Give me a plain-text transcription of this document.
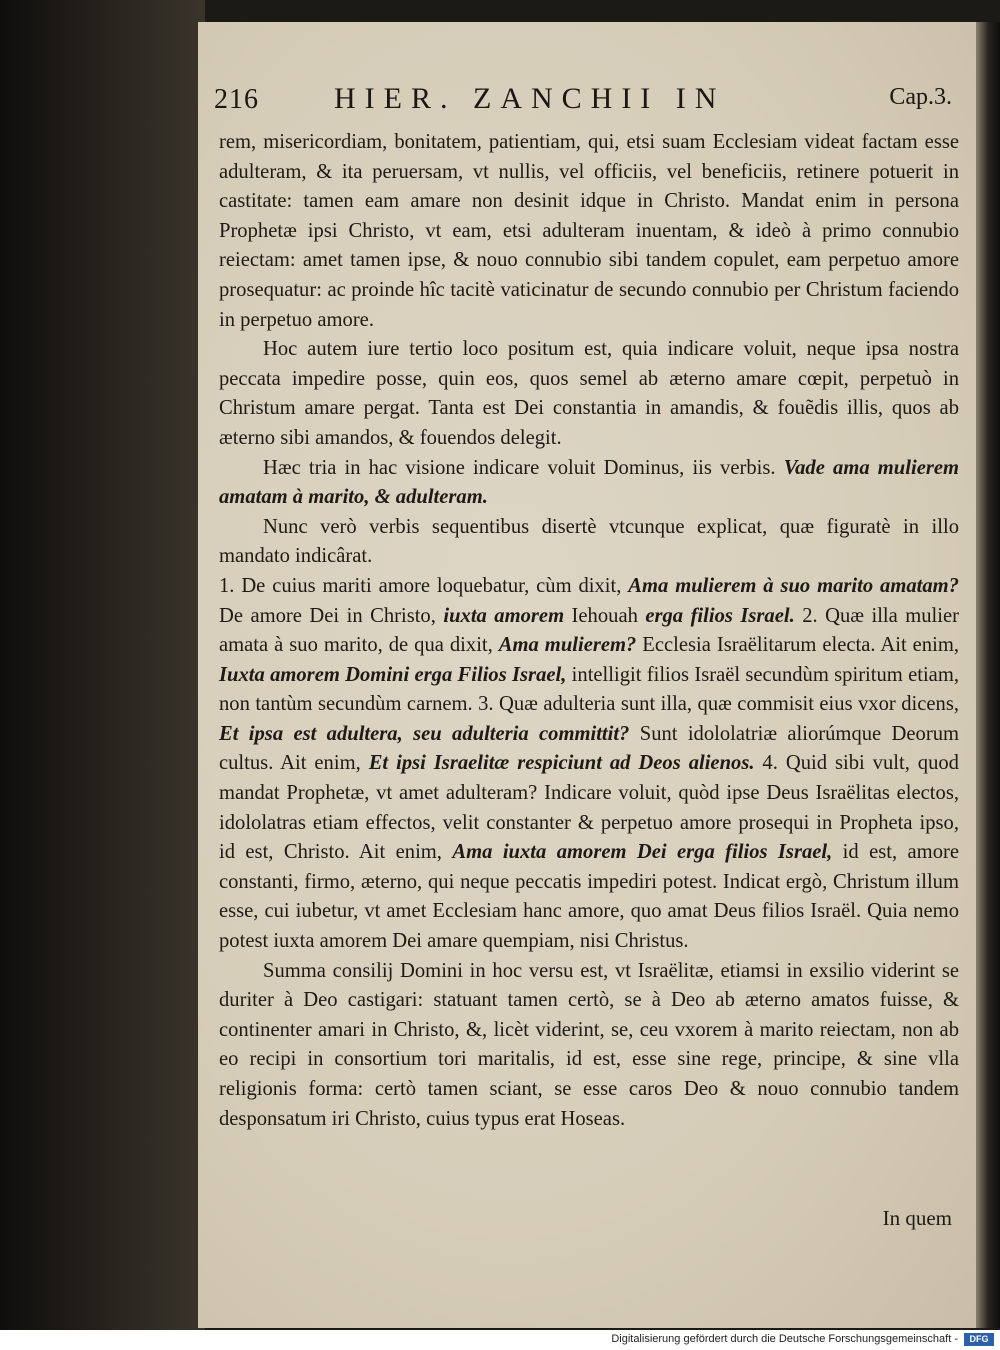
216	HIER. ZANCHII IN	Cap.3.

rem, misericordiam, bonitatem, patientiam, qui, etsi suam Ecclesiam videat factam esse adulteram, & ita peruersam, vt nullis, vel officiis, vel beneficiis, retinere potuerit in castitate: tamen eam amare non desinit idque in Christo. Mandat enim in persona Prophetæ ipsi Christo, vt eam, etsi adulteram inuentam, & ideò à primo connubio reiectam: amet tamen ipse, & nouo connubio sibi tandem copulet, eam perpetuo amore prosequatur: ac proinde hîc tacitè vaticinatur de secundo connubio per Christum faciendo in perpetuo amore.

Hoc autem iure tertio loco positum est, quia indicare voluit, neque ipsa nostra peccata impedire posse, quin eos, quos semel ab æterno amare cœpit, perpetuò in Christum amare pergat. Tanta est Dei constantia in amandis, & fouẽdis illis, quos ab æterno sibi amandos, & fouendos delegit.

Hæc tria in hac visione indicare voluit Dominus, iis verbis. Vade ama mulierem amatam à marito, & adulteram.

Nunc verò verbis sequentibus disertè vtcunque explicat, quæ figuratè in illo mandato indicârat.

1. De cuius mariti amore loquebatur, cùm dixit, Ama mulierem à suo marito amatam? De amore Dei in Christo, iuxta amorem Iehouah erga filios Israel. 2. Quæ illa mulier amata à suo marito, de qua dixit, Ama mulierem? Ecclesia Israëlitarum electa. Ait enim, Iuxta amorem Domini erga Filios Israel, intelligit filios Israël secundùm spiritum etiam, non tantùm secundùm carnem. 3. Quæ adulteria sunt illa, quæ commisit eius vxor dicens, Et ipsa est adultera, seu adulteria committit? Sunt idololatriæ aliorúmque Deorum cultus. Ait enim, Et ipsi Israelitæ respiciunt ad Deos alienos. 4. Quid sibi vult, quod mandat Prophetæ, vt amet adulteram? Indicare voluit, quòd ipse Deus Israëlitas electos, idololatras etiam effectos, velit constanter & perpetuo amore prosequi in Propheta ipso, id est, Christo. Ait enim, Ama iuxta amorem Dei erga filios Israel, id est, amore constanti, firmo, æterno, qui neque peccatis impediri potest. Indicat ergò, Christum illum esse, cui iubetur, vt amet Ecclesiam hanc amore, quo amat Deus filios Israël. Quia nemo potest iuxta amorem Dei amare quempiam, nisi Christus.

Summa consilij Domini in hoc versu est, vt Israëlitæ, etiamsi in exsilio viderint se duriter à Deo castigari: statuant tamen certò, se à Deo ab æterno amatos fuisse, & continenter amari in Christo, &, licèt viderint, se, ceu vxorem à marito reiectam, non ab eo recipi in consortium tori maritalis, id est, esse sine rege, principe, & sine vlla religionis forma: certò tamen sciant, se esse caros Deo & nouo connubio tandem desponsatum iri Christo, cuius typus erat Hoseas.

In quem
Digitalisierung gefördert durch die Deutsche Forschungsgemeinschaft -	DFG
